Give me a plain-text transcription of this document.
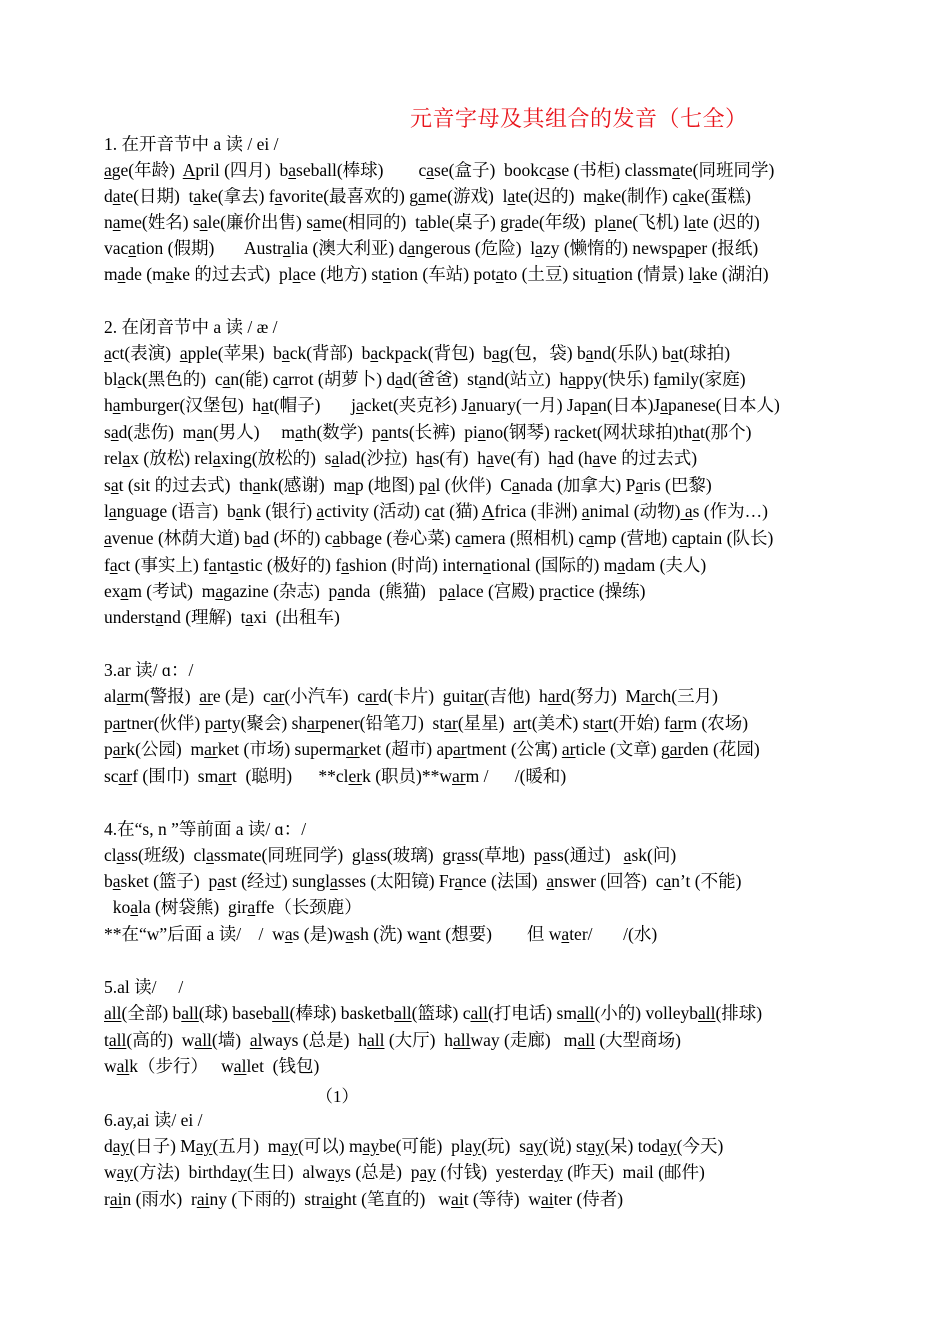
元音字母及其组合的发音（七全）
1. 在开音节中 a 读 / ei /
age(年龄)  April (四月)  baseball(棒球)        case(盒子)  bookcase (书柜) classmate(同班同学)
date(日期)  take(拿去) favorite(最喜欢的) game(游戏)  late(迟的)  make(制作) cake(蛋糕)
name(姓名) sale(廉价出售) same(相同的)  table(桌子) grade(年级)  plane(飞机) late (迟的)
vacation (假期)       Australia (澳大利亚) dangerous (危险)  lazy (懒惰的) newspaper (报纸)
made (make 的过去式)  place (地方) station (车站) potato (土豆) situation (情景) lake (湖泊)
2. 在闭音节中 a 读 / æ /
act(表演)  apple(苹果)  back(背部)  backpack(背包)  bag(包，袋) band(乐队) bat(球拍)
black(黑色的)  can(能) carrot (胡萝卜) dad(爸爸)  stand(站立)  happy(快乐) family(家庭)
hamburger(汉堡包)  hat(帽子)       jacket(夹克衫) January(一月) Japan(日本)Japanese(日本人)
sad(悲伤)  man(男人)     math(数学)  pants(长裤)  piano(钢琴) racket(网状球拍)that(那个)
relax (放松) relaxing(放松的)  salad(沙拉)  has(有)  have(有)  had (have 的过去式)
sat (sit 的过去式)  thank(感谢)  map (地图) pal (伙伴)  Canada (加拿大) Paris (巴黎)
language (语言)  bank (银行) activity (活动) cat (猫) Africa (非洲) animal (动物) as (作为…)
avenue (林荫大道) bad (坏的) cabbage (卷心菜) camera (照相机) camp (营地) captain (队长)
fact (事实上) fantastic (极好的) fashion (时尚) international (国际的) madam (夫人)
exam (考试)  magazine (杂志)  panda  (熊猫)   palace (宫殿) practice (操练)
understand (理解)  taxi  (出租车)
3.ar 读/ ɑ：/
alarm(警报)  are (是)  car(小汽车)  card(卡片)  guitar(吉他)  hard(努力)  March(三月)
partner(伙伴) party(聚会) sharpener(铅笔刀)  star(星星)  art(美术) start(开始) farm (农场)
park(公园)  market (市场) supermarket (超市) apartment (公寓) article (文章) garden (花园)
scarf (围巾)  smart  (聪明)      **clerk (职员)**warm /      /(暖和)
4.在“s, n ”等前面 a 读/ ɑ：/
class(班级)  classmate(同班同学)  glass(玻璃)  grass(草地)  pass(通过)   ask(问)
basket (篮子)  past (经过) sunglasses (太阳镜) France (法国)  answer (回答)  can’t (不能)
koala (树袋熊)  giraffe（长颈鹿）
**在“w”后面 a 读/    /  was (是)wash (洗) want (想要)        但 water/       /(水)
5.al 读/     /
all(全部) ball(球) baseball(棒球) basketball(篮球) call(打电话) small(小的) volleyball(排球)
tall(高的)  wall(墙)  always (总是)  hall (大厅)  hallway (走廊)   mall (大型商场)
walk（步行）   wallet  (钱包)
6.ay,ai 读/ ei /
day(日子) May(五月)  may(可以) maybe(可能)  play(玩)  say(说) stay(呆) today(今天)
way(方法)  birthday(生日)  always (总是)  pay (付钱)  yesterday (昨天)  mail (邮件)
rain (雨水)  rainy (下雨的)  straight (笔直的)   wait (等待)  waiter (侍者)
（1）
